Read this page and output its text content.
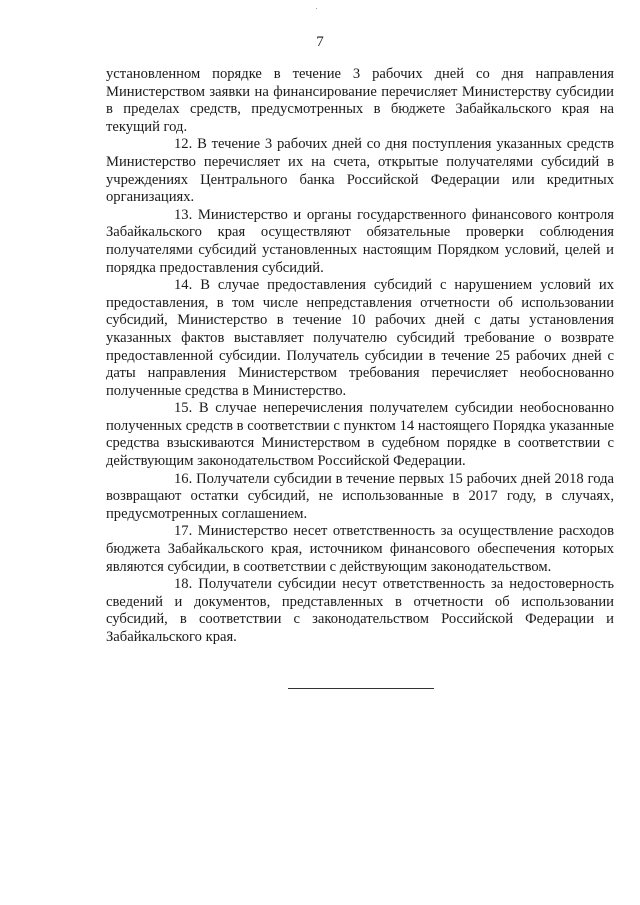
7

установленном порядке в течение 3 рабочих дней со дня направления Министерством заявки на финансирование перечисляет Министерству субсидии в пределах средств, предусмотренных в бюджете Забайкальского края на текущий год.

12. В течение 3 рабочих дней со дня поступления указанных средств Министерство перечисляет их на счета, открытые получателями субсидий в учреждениях Центрального банка Российской Федерации или кредитных организациях.

13. Министерство и органы государственного финансового контроля Забайкальского края осуществляют обязательные проверки соблюдения получателями субсидий установленных настоящим Порядком условий, целей и порядка предоставления субсидий.

14. В случае предоставления субсидий с нарушением условий их предоставления, в том числе непредставления отчетности об использовании субсидий, Министерство в течение 10 рабочих дней с даты установления указанных фактов выставляет получателю субсидий требование о возврате предоставленной субсидии. Получатель субсидии в течение 25 рабочих дней с даты направления Министерством требования перечисляет необоснованно полученные средства в Министерство.

15. В случае неперечисления получателем субсидии необоснованно полученных средств в соответствии с пунктом 14 настоящего Порядка указанные средства взыскиваются Министерством в судебном порядке в соответствии с действующим законодательством Российской Федерации.

16. Получатели субсидии в течение первых 15 рабочих дней 2018 года возвращают остатки субсидий, не использованные в 2017 году, в случаях, предусмотренных соглашением.

17. Министерство несет ответственность за осуществление расходов бюджета Забайкальского края, источником финансового обеспечения которых являются субсидии, в соответствии с действующим законодательством.

18. Получатели субсидии несут ответственность за недостоверность сведений и документов, представленных в отчетности об использовании субсидий, в соответствии с законодательством Российской Федерации и Забайкальского края.
